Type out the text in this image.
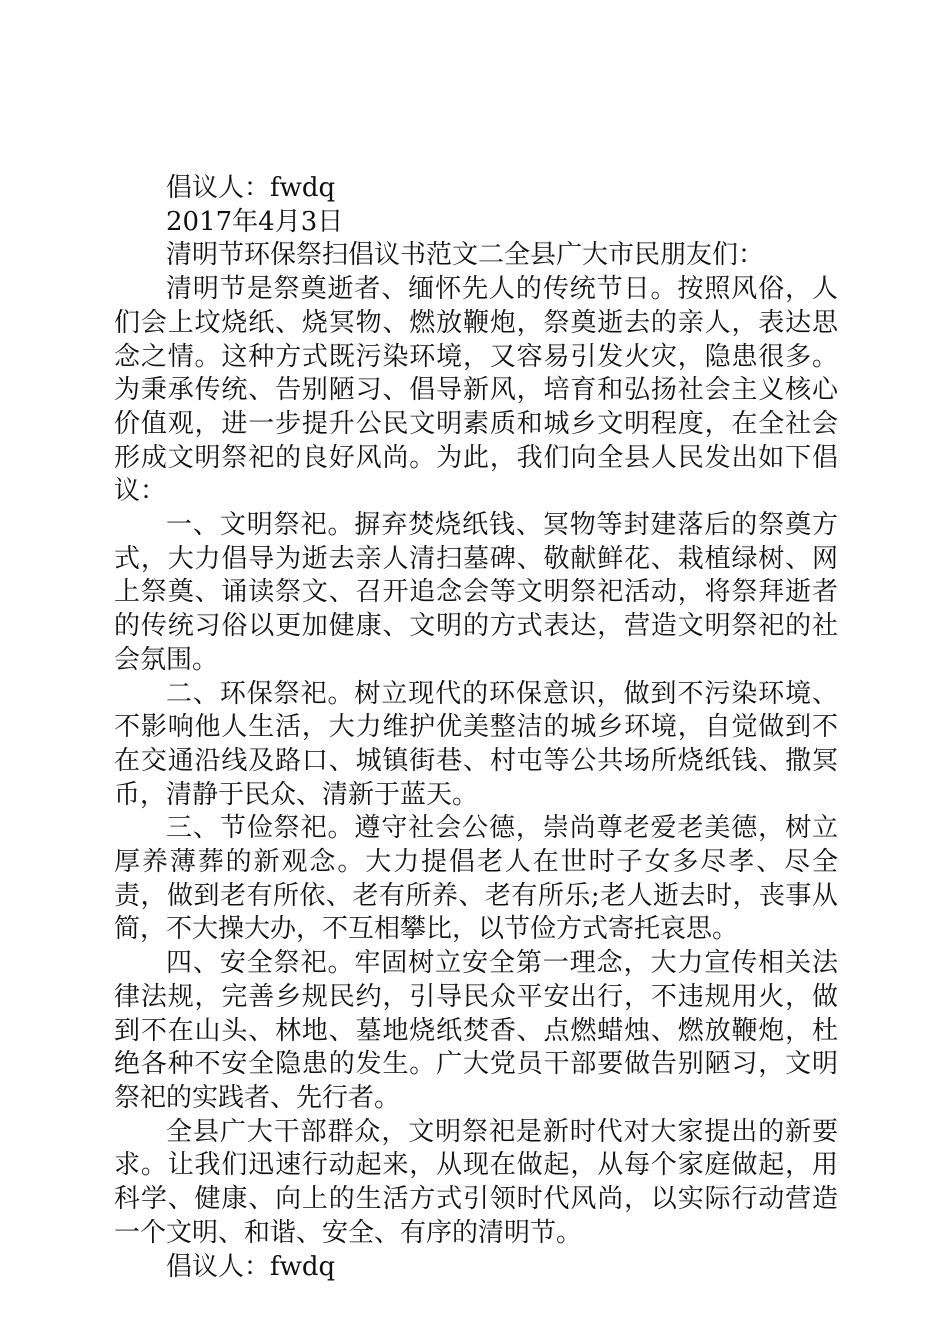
倡议人：fwdq

2017年4月3日

清明节环保祭扫倡议书范文二全县广大市民朋友们：

清明节是祭奠逝者、缅怀先人的传统节日。按照风俗，人们会上坟烧纸、烧冥物、燃放鞭炮，祭奠逝去的亲人，表达思念之情。这种方式既污染环境，又容易引发火灾，隐患很多。为秉承传统、告别陋习、倡导新风，培育和弘扬社会主义核心价值观，进一步提升公民文明素质和城乡文明程度，在全社会形成文明祭祀的良好风尚。为此，我们向全县人民发出如下倡议：

一、文明祭祀。摒弃焚烧纸钱、冥物等封建落后的祭奠方式，大力倡导为逝去亲人清扫墓碑、敬献鲜花、栽植绿树、网上祭奠、诵读祭文、召开追念会等文明祭祀活动，将祭拜逝者的传统习俗以更加健康、文明的方式表达，营造文明祭祀的社会氛围。

二、环保祭祀。树立现代的环保意识，做到不污染环境、不影响他人生活，大力维护优美整洁的城乡环境，自觉做到不在交通沿线及路口、城镇街巷、村屯等公共场所烧纸钱、撒冥币，清静于民众、清新于蓝天。

三、节俭祭祀。遵守社会公德，崇尚尊老爱老美德，树立厚养薄葬的新观念。大力提倡老人在世时子女多尽孝、尽全责，做到老有所依、老有所养、老有所乐;老人逝去时，丧事从简，不大操大办，不互相攀比，以节俭方式寄托哀思。

四、安全祭祀。牢固树立安全第一理念，大力宣传相关法律法规，完善乡规民约，引导民众平安出行，不违规用火，做到不在山头、林地、墓地烧纸焚香、点燃蜡烛、燃放鞭炮，杜绝各种不安全隐患的发生。广大党员干部要做告别陋习，文明祭祀的实践者、先行者。

全县广大干部群众，文明祭祀是新时代对大家提出的新要求。让我们迅速行动起来，从现在做起，从每个家庭做起，用科学、健康、向上的生活方式引领时代风尚，以实际行动营造一个文明、和谐、安全、有序的清明节。

倡议人：fwdq
